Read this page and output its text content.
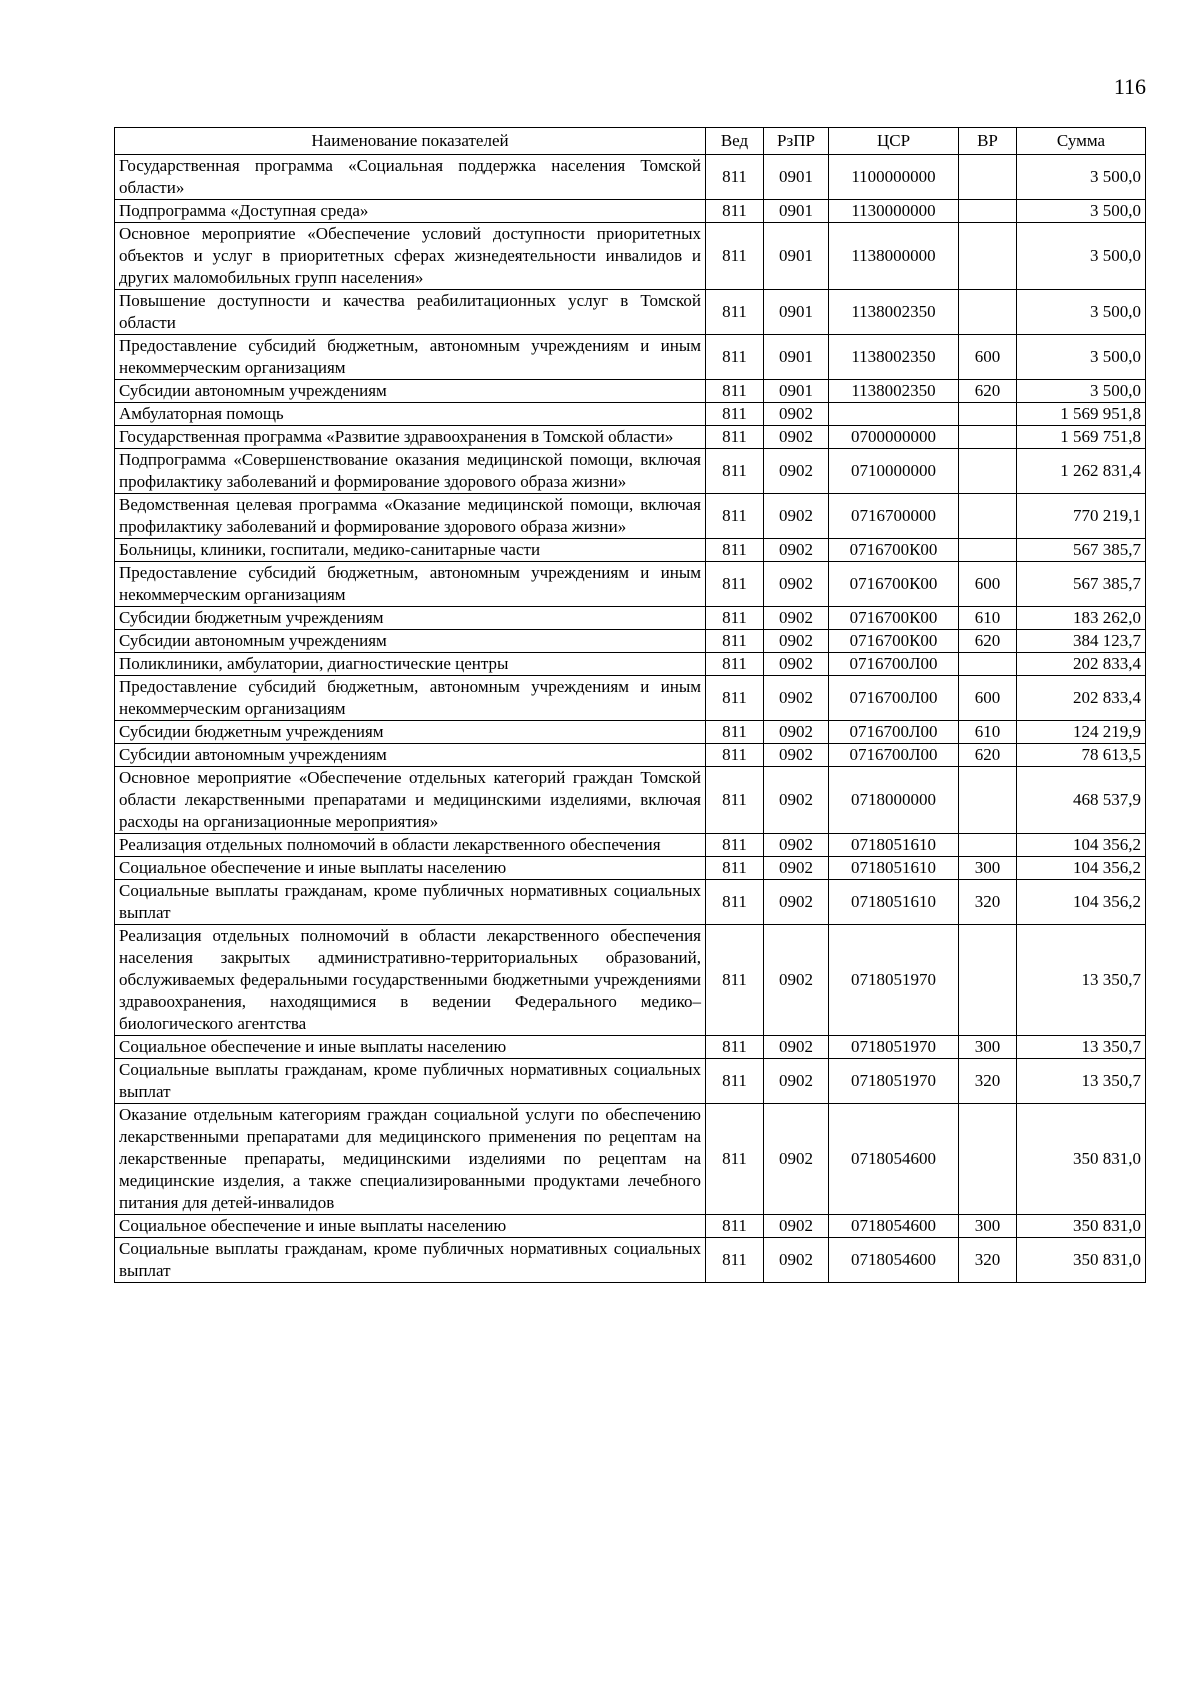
116
Наименование показателей	Вед	РзПР	ЦСР	ВР	Сумма
Государственная программа «Социальная поддержка населения Томской области»	811	0901	1100000000		3 500,0
Подпрограмма «Доступная среда»	811	0901	1130000000		3 500,0
Основное мероприятие «Обеспечение условий доступности приоритетных объектов и услуг в приоритетных сферах жизнедеятельности инвалидов и других маломобильных групп населения»	811	0901	1138000000		3 500,0
Повышение доступности и качества реабилитационных услуг в Томской области	811	0901	1138002350		3 500,0
Предоставление субсидий бюджетным, автономным учреждениям и иным некоммерческим организациям	811	0901	1138002350	600	3 500,0
Субсидии автономным учреждениям	811	0901	1138002350	620	3 500,0
Амбулаторная помощь	811	0902			1 569 951,8
Государственная программа «Развитие здравоохранения в Томской области»	811	0902	0700000000		1 569 751,8
Подпрограмма «Совершенствование оказания медицинской помощи, включая профилактику заболеваний и формирование здорового образа жизни»	811	0902	0710000000		1 262 831,4
Ведомственная целевая программа «Оказание медицинской помощи, включая профилактику заболеваний и формирование здорового образа жизни»	811	0902	0716700000		770 219,1
Больницы, клиники, госпитали, медико-санитарные части	811	0902	0716700К00		567 385,7
Предоставление субсидий бюджетным, автономным учреждениям и иным некоммерческим организациям	811	0902	0716700К00	600	567 385,7
Субсидии бюджетным учреждениям	811	0902	0716700К00	610	183 262,0
Субсидии автономным учреждениям	811	0902	0716700К00	620	384 123,7
Поликлиники, амбулатории, диагностические центры	811	0902	0716700Л00		202 833,4
Предоставление субсидий бюджетным, автономным учреждениям и иным некоммерческим организациям	811	0902	0716700Л00	600	202 833,4
Субсидии бюджетным учреждениям	811	0902	0716700Л00	610	124 219,9
Субсидии автономным учреждениям	811	0902	0716700Л00	620	78 613,5
Основное мероприятие «Обеспечение отдельных категорий граждан Томской области лекарственными препаратами и медицинскими изделиями, включая расходы на организационные мероприятия»	811	0902	0718000000		468 537,9
Реализация отдельных полномочий в области лекарственного обеспечения	811	0902	0718051610		104 356,2
Социальное обеспечение и иные выплаты населению	811	0902	0718051610	300	104 356,2
Социальные выплаты гражданам, кроме публичных нормативных социальных выплат	811	0902	0718051610	320	104 356,2
Реализация отдельных полномочий в области лекарственного обеспечения населения закрытых административно-территориальных образований, обслуживаемых федеральными государственными бюджетными учреждениями здравоохранения, находящимися в ведении Федерального медико–биологического агентства	811	0902	0718051970		13 350,7
Социальное обеспечение и иные выплаты населению	811	0902	0718051970	300	13 350,7
Социальные выплаты гражданам, кроме публичных нормативных социальных выплат	811	0902	0718051970	320	13 350,7
Оказание отдельным категориям граждан социальной услуги по обеспечению лекарственными препаратами для медицинского применения по рецептам на лекарственные препараты, медицинскими изделиями по рецептам на медицинские изделия, а также специализированными продуктами лечебного питания для детей-инвалидов	811	0902	0718054600		350 831,0
Социальное обеспечение и иные выплаты населению	811	0902	0718054600	300	350 831,0
Социальные выплаты гражданам, кроме публичных нормативных социальных выплат	811	0902	0718054600	320	350 831,0
